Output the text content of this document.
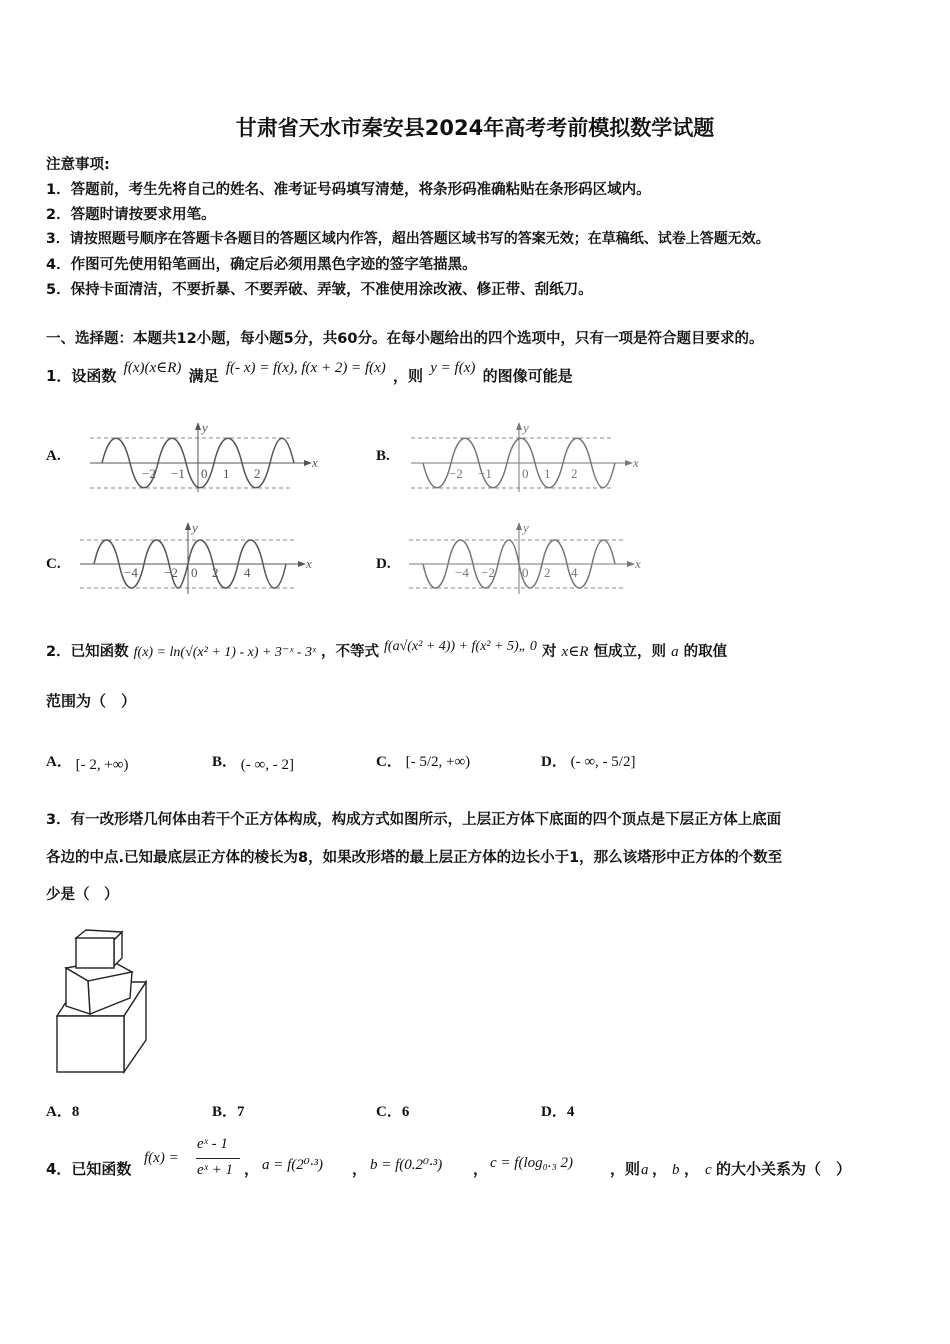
甘肃省天水市秦安县2024年高考考前模拟数学试题
注意事项:
1．答题前，考生先将自己的姓名、准考证号码填写清楚，将条形码准确粘贴在条形码区域内。
2．答题时请按要求用笔。
3．请按照题号顺序在答题卡各题目的答题区域内作答，超出答题区域书写的答案无效；在草稿纸、试卷上答题无效。
4．作图可先使用铅笔画出，确定后必须用黑色字迹的签字笔描黑。
5．保持卡面清洁，不要折暴、不要弄破、弄皱，不准使用涂改液、修正带、刮纸刀。
一、选择题：本题共12小题，每小题5分，共60分。在每小题给出的四个选项中，只有一项是符合题目要求的。
1．设函数 f(x)(x∈R) 满足 f(- x) = f(x), f(x + 2) = f(x) ，则 y = f(x) 的图像可能是
A.	x
y
−2 −1 0 1 2
B.	x
y
−2 −1 0 1 2
C.	x
y
−4 −2 0 2 4
D.	x
y
−4 −2 0 2 4
2．已知函数 f(x) = ln(√(x² + 1) - x) + 3⁻ˣ - 3ˣ ，不等式 f(a√(x² + 4)) + f(x² + 5)„ 0 对 x∈R 恒成立，则 a 的取值
范围为（　）
A． [- 2, +∞)	B． (- ∞, - 2]	C． [- 5/2, +∞)	D． (- ∞, - 5/2]
3．有一改形塔几何体由若干个正方体构成，构成方式如图所示，上层正方体下底面的四个顶点是下层正方体上底面
各边的中点.已知最底层正方体的棱长为8，如果改形塔的最上层正方体的边长小于1，那么该塔形中正方体的个数至
少是（　）
A．8	B．7	C．6	D．4
4．已知函数
f(x) =
eˣ - 1
eˣ + 1 ， a = f(2⁰·³) ， b = f(0.2⁰·³) ， c = f(log₀.₃ 2) ，则 a ， b ， c 的大小关系为（　）
